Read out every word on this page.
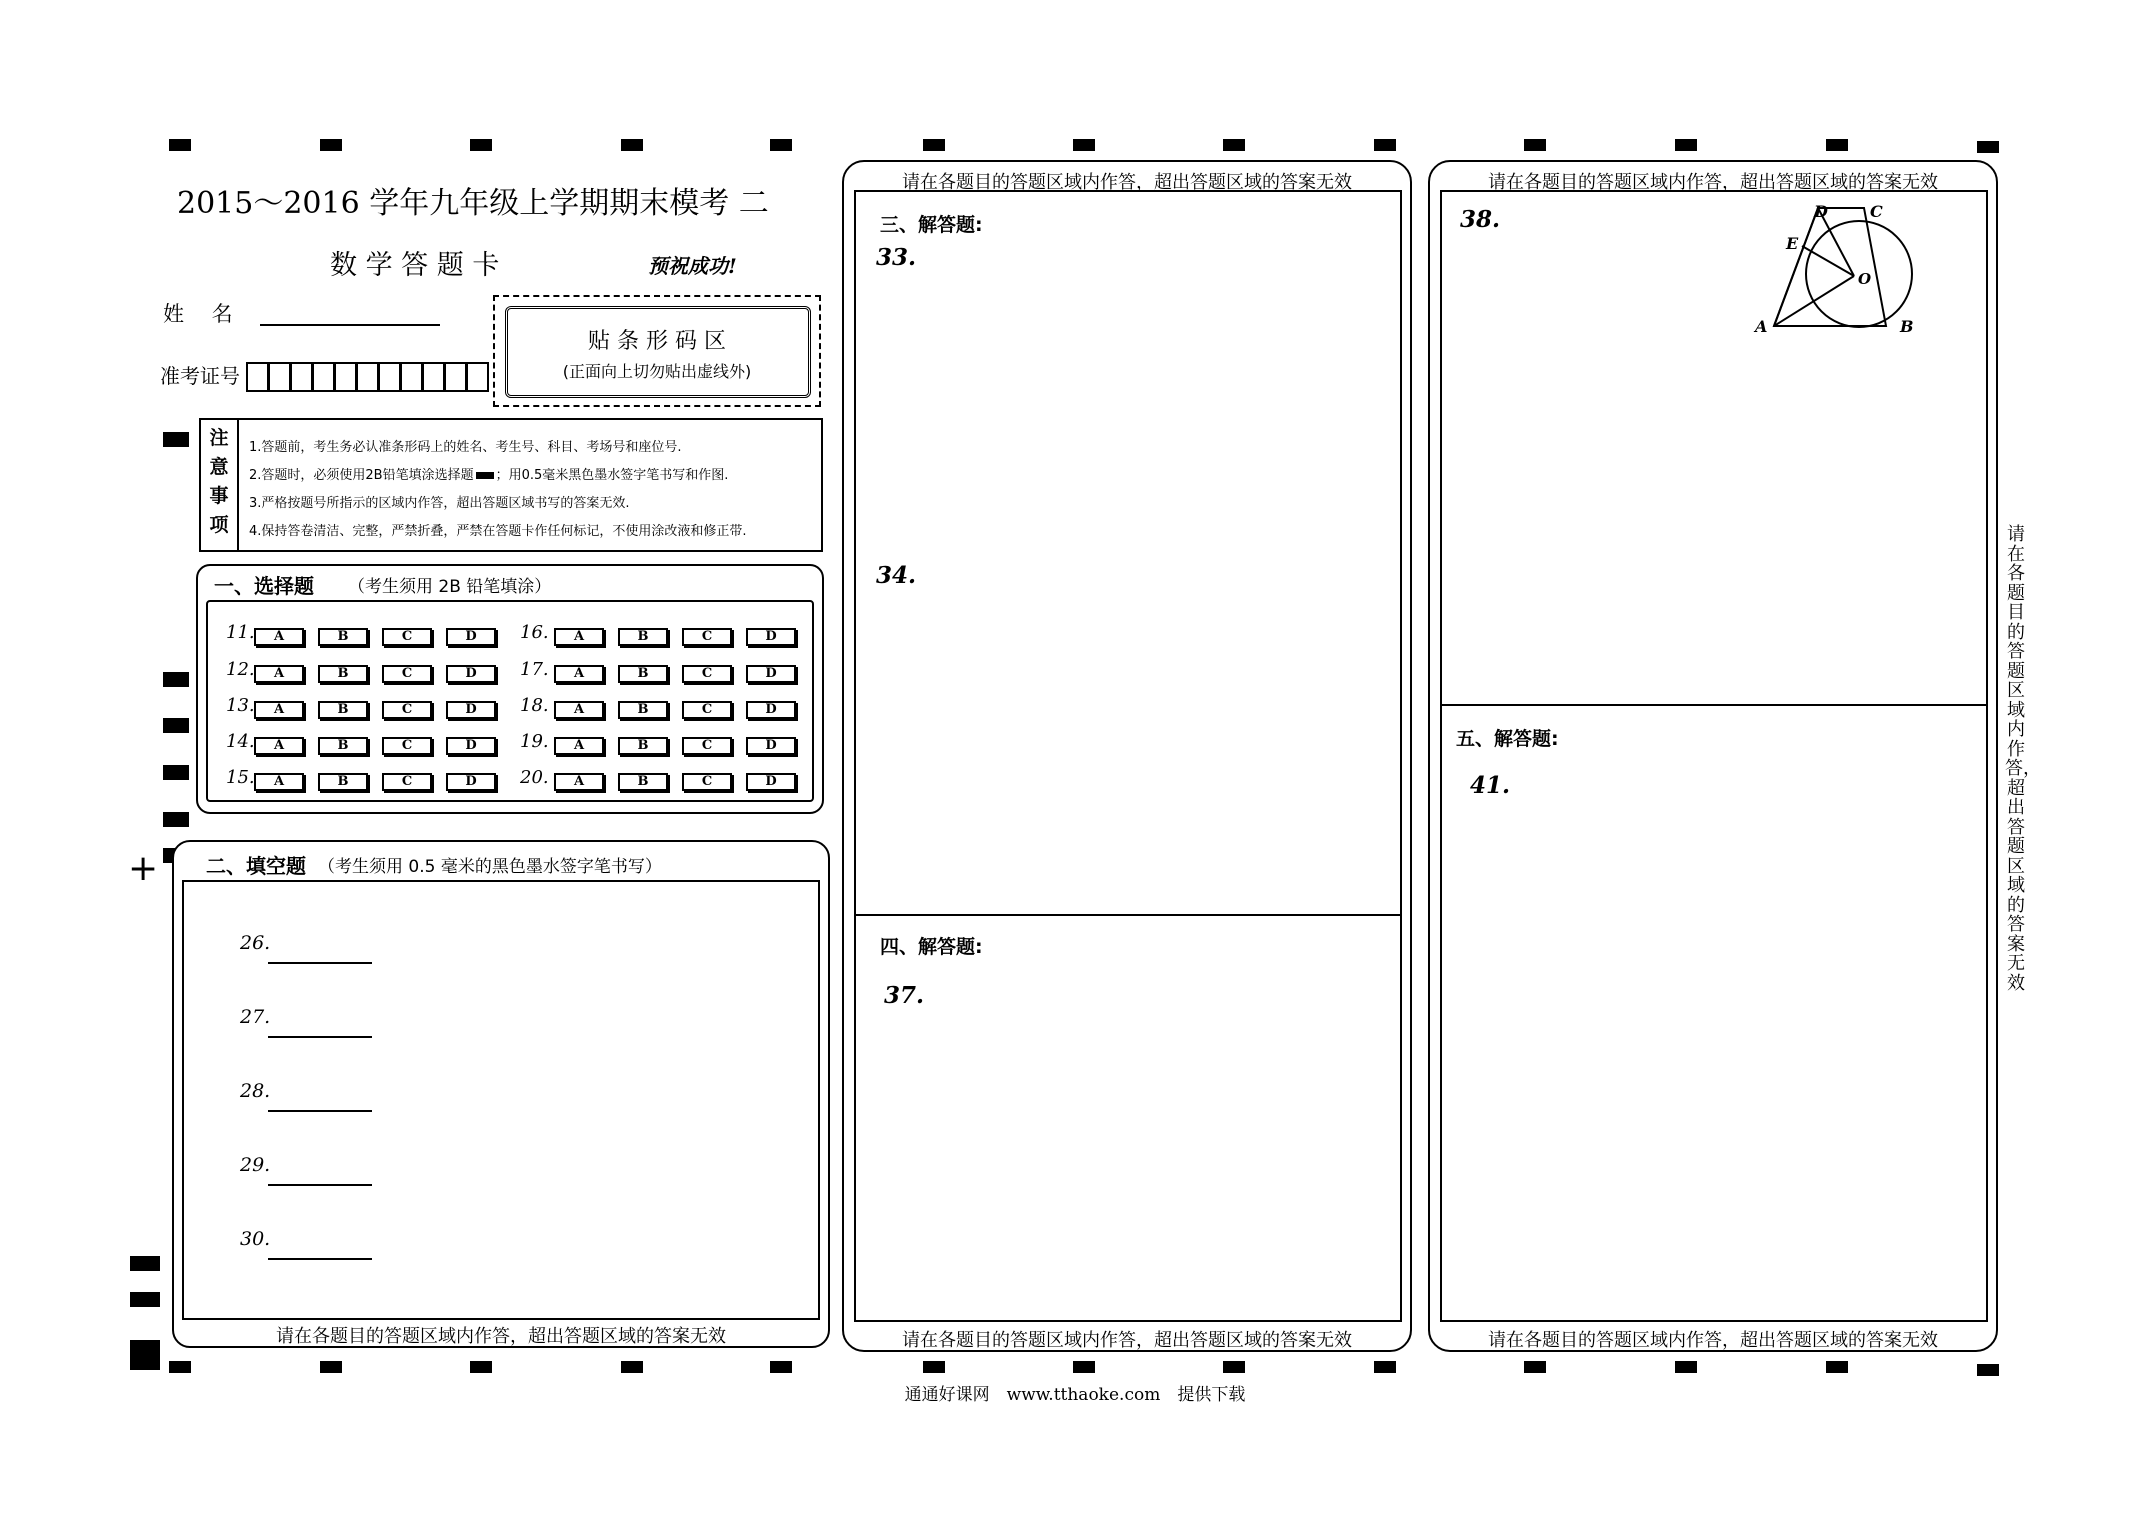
+
2015～2016 学年九年级上学期期末模考 二
数 学 答 题 卡	预祝成功!
姓　 名
准考证号
贴 条 形 码 区
(正面向上切勿贴出虚线外)
注
意
事
项
1.答题前，考生务必认准条形码上的姓名、考生号、科目、考场号和座位号.
2.答题时，必须使用2B铅笔填涂选择题 ；用0.5毫米黑色墨水签字笔书写和作图.
3.严格按题号所指示的区域内作答，超出答题区域书写的答案无效.
4.保持答卷清洁、完整，严禁折叠，严禁在答题卡作任何标记，不使用涂改液和修正带.
一、选择题 （考生须用 2B 铅笔填涂）
11.	A	B	C	D
12.	A	B	C	D
13.	A	B	C	D
14.	A	B	C	D
15.	A	B	C	D
16.	A	B	C	D
17.	A	B	C	D
18.	A	B	C	D
19.	A	B	C	D
20.	A	B	C	D
二、填空题 （考生须用 0.5 毫米的黑色墨水签字笔书写）
请在各题目的答题区域内作答，超出答题区域的答案无效
26.
27.
28.
29.
30.
请在各题目的答题区域内作答，超出答题区域的答案无效
三、解答题:
33.
34.
四、解答题:
37.
请在各题目的答题区域内作答，超出答题区域的答案无效
请在各题目的答题区域内作答，超出答题区域的答案无效
38.
A	B
C
D
E
O
五、解答题:
41.
请在各题目的答题区域内作答，超出答题区域的答案无效
请在各题目的答题区域内作答，超出答题区域的答案无效
通通好课网　www.tthaoke.com　提供下载
